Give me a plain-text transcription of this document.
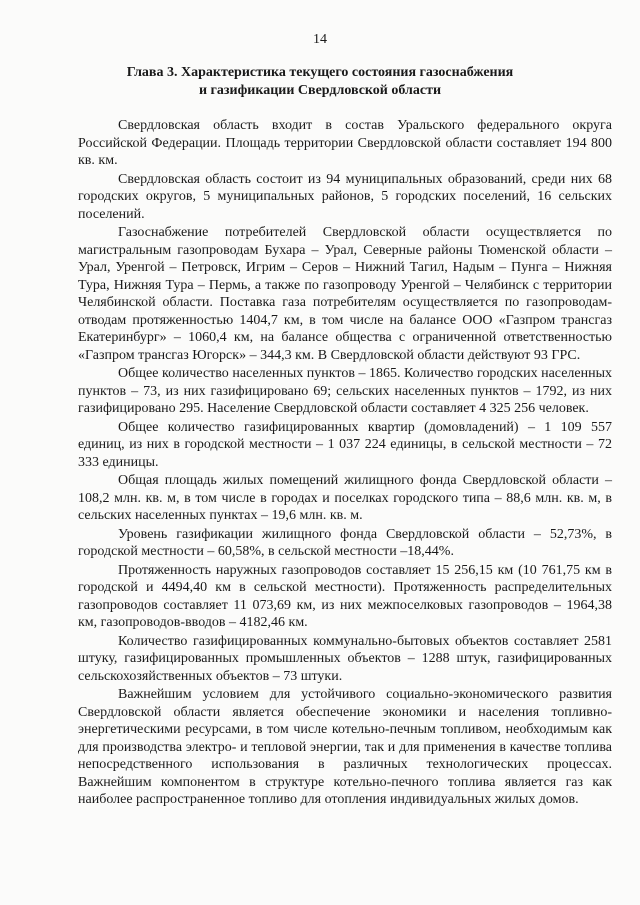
14
Глава 3. Характеристика текущего состояния газоснабжения
и газификации Свердловской области

Свердловская область входит в состав Уральского федерального округа Российской Федерации. Площадь территории Свердловской области составляет 194 800 кв. км.

Свердловская область состоит из 94 муниципальных образований, среди них 68 городских округов, 5 муниципальных районов, 5 городских поселений, 16 сельских поселений.

Газоснабжение потребителей Свердловской области осуществляется по магистральным газопроводам Бухара – Урал, Северные районы Тюменской области – Урал, Уренгой – Петровск, Игрим – Серов – Нижний Тагил, Надым – Пунга – Нижняя Тура, Нижняя Тура – Пермь, а также по газопроводу Уренгой – Челябинск с территории Челябинской области. Поставка газа потребителям осуществляется по газопроводам-отводам протяженностью 1404,7 км, в том числе на балансе ООО «Газпром трансгаз Екатеринбург» – 1060,4 км, на балансе общества с ограниченной ответственностью «Газпром трансгаз Югорск» – 344,3 км. В Свердловской области действуют 93 ГРС.

Общее количество населенных пунктов – 1865. Количество городских населенных пунктов – 73, из них газифицировано 69; сельских населенных пунктов – 1792, из них газифицировано 295. Население Свердловской области составляет 4 325 256 человек.

Общее количество газифицированных квартир (домовладений) – 1 109 557 единиц, из них в городской местности – 1 037 224 единицы, в сельской местности – 72 333 единицы.

Общая площадь жилых помещений жилищного фонда Свердловской области – 108,2 млн. кв. м, в том числе в городах и поселках городского типа – 88,6 млн. кв. м, в сельских населенных пунктах – 19,6 млн. кв. м.

Уровень газификации жилищного фонда Свердловской области – 52,73%, в городской местности – 60,58%, в сельской местности –18,44%.

Протяженность наружных газопроводов составляет 15 256,15 км (10 761,75 км в городской и 4494,40 км в сельской местности). Протяженность распределительных газопроводов составляет 11 073,69 км, из них межпоселковых газопроводов – 1964,38 км, газопроводов-вводов – 4182,46 км.

Количество газифицированных коммунально-бытовых объектов составляет 2581 штуку, газифицированных промышленных объектов – 1288 штук, газифицированных сельскохозяйственных объектов – 73 штуки.

Важнейшим условием для устойчивого социально-экономического развития Свердловской области является обеспечение экономики и населения топливно-энергетическими ресурсами, в том числе котельно-печным топливом, необходимым как для производства электро- и тепловой энергии, так и для применения в качестве топлива непосредственного использования в различных технологических процессах. Важнейшим компонентом в структуре котельно-печного топлива является газ как наиболее распространенное топливо для отопления индивидуальных жилых домов.
